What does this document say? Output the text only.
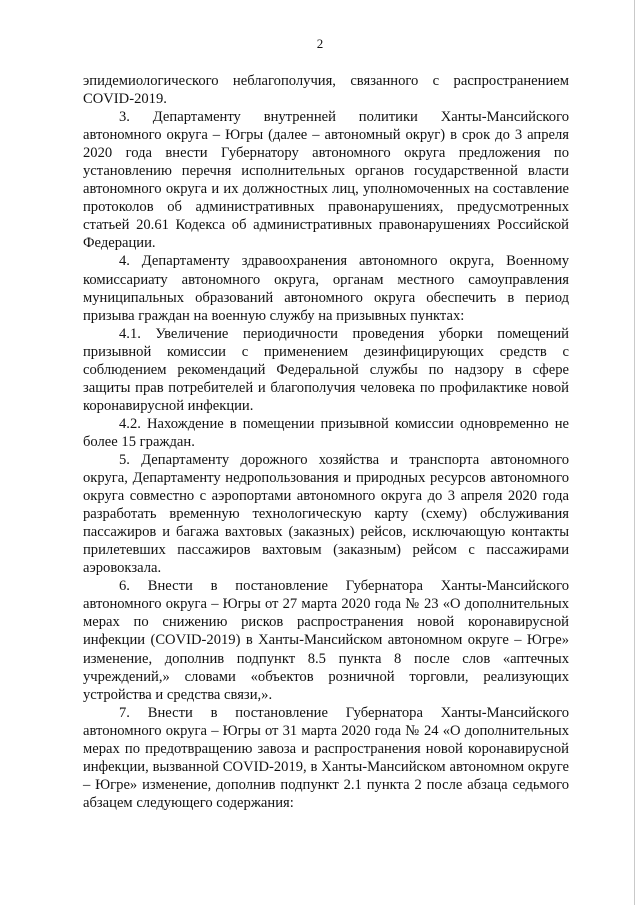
2

эпидемиологического неблагополучия, связанного с распространением COVID-2019.

3. Департаменту внутренней политики Ханты-Мансийского автономного округа – Югры (далее – автономный округ) в срок до 3 апреля 2020 года внести Губернатору автономного округа предложения по установлению перечня исполнительных органов государственной власти автономного округа и их должностных лиц, уполномоченных на составление протоколов об административных правонарушениях, предусмотренных статьей 20.61 Кодекса об административных правонарушениях Российской Федерации.

4. Департаменту здравоохранения автономного округа, Военному комиссариату автономного округа, органам местного самоуправления муниципальных образований автономного округа обеспечить в период призыва граждан на военную службу на призывных пунктах:

4.1. Увеличение периодичности проведения уборки помещений призывной комиссии с применением дезинфицирующих средств с соблюдением рекомендаций Федеральной службы по надзору в сфере защиты прав потребителей и благополучия человека по профилактике новой коронавирусной инфекции.

4.2. Нахождение в помещении призывной комиссии одновременно не более 15 граждан.

5. Департаменту дорожного хозяйства и транспорта автономного округа, Департаменту недропользования и природных ресурсов автономного округа совместно с аэропортами автономного округа до 3 апреля 2020 года разработать временную технологическую карту (схему) обслуживания пассажиров и багажа вахтовых (заказных) рейсов, исключающую контакты прилетевших пассажиров вахтовым (заказным) рейсом с пассажирами аэровокзала.

6. Внести в постановление Губернатора Ханты-Мансийского автономного округа – Югры от 27 марта 2020 года № 23 «О дополнительных мерах по снижению рисков распространения новой коронавирусной инфекции (COVID-2019) в Ханты-Мансийском автономном округе – Югре» изменение, дополнив подпункт 8.5 пункта 8 после слов «аптечных учреждений,» словами «объектов розничной торговли, реализующих устройства и средства связи,».

7. Внести в постановление Губернатора Ханты-Мансийского автономного округа – Югры от 31 марта 2020 года № 24 «О дополнительных мерах по предотвращению завоза и распространения новой коронавирусной инфекции, вызванной COVID-2019, в Ханты-Мансийском автономном округе – Югре» изменение, дополнив подпункт 2.1 пункта 2 после абзаца седьмого абзацем следующего содержания:
